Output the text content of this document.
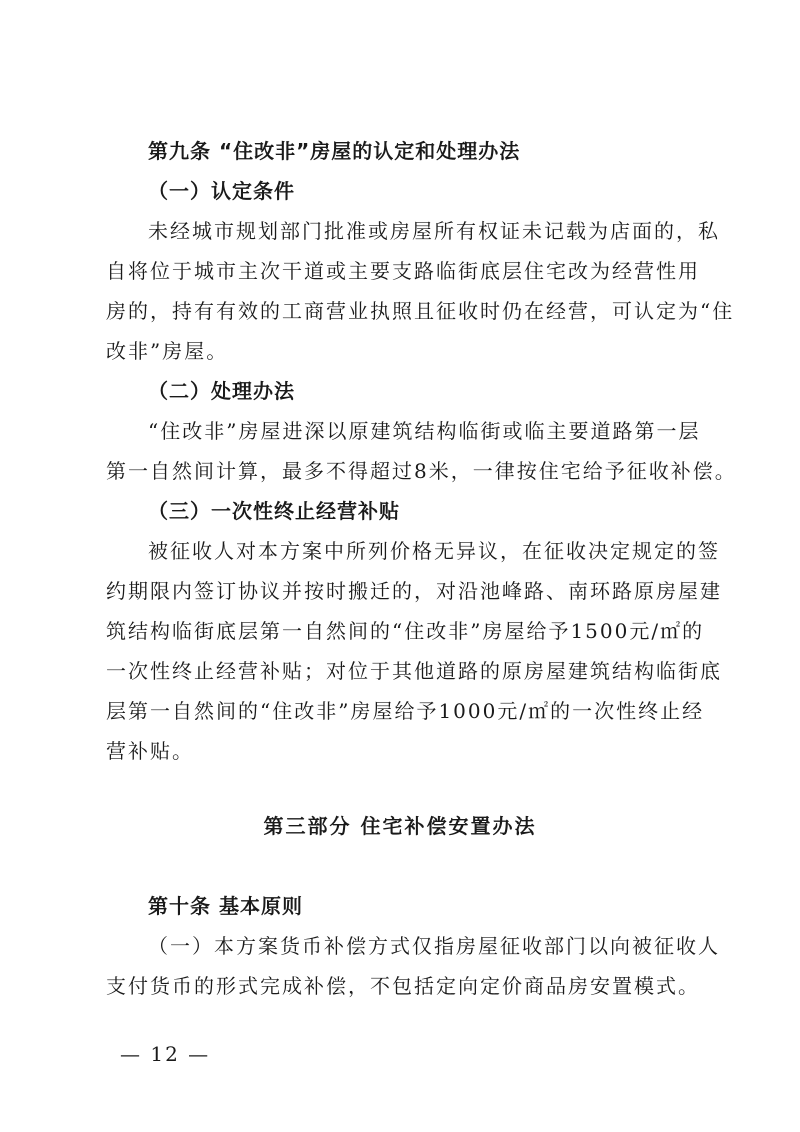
第九条 “住改非”房屋的认定和处理办法
（一）认定条件
未经城市规划部门批准或房屋所有权证未记载为店面的，私
自将位于城市主次干道或主要支路临街底层住宅改为经营性用
房的，持有有效的工商营业执照且征收时仍在经营，可认定为“住
改非”房屋。
（二）处理办法
“住改非”房屋进深以原建筑结构临街或临主要道路第一层
第一自然间计算，最多不得超过8米，一律按住宅给予征收补偿。
（三）一次性终止经营补贴
被征收人对本方案中所列价格无异议，在征收决定规定的签
约期限内签订协议并按时搬迁的，对沿池峰路、南环路原房屋建
筑结构临街底层第一自然间的“住改非”房屋给予1500元/㎡的
一次性终止经营补贴；对位于其他道路的原房屋建筑结构临街底
层第一自然间的“住改非”房屋给予1000元/㎡的一次性终止经
营补贴。
第三部分 住宅补偿安置办法
第十条 基本原则
（一）本方案货币补偿方式仅指房屋征收部门以向被征收人
支付货币的形式完成补偿，不包括定向定价商品房安置模式。
— 12 —
